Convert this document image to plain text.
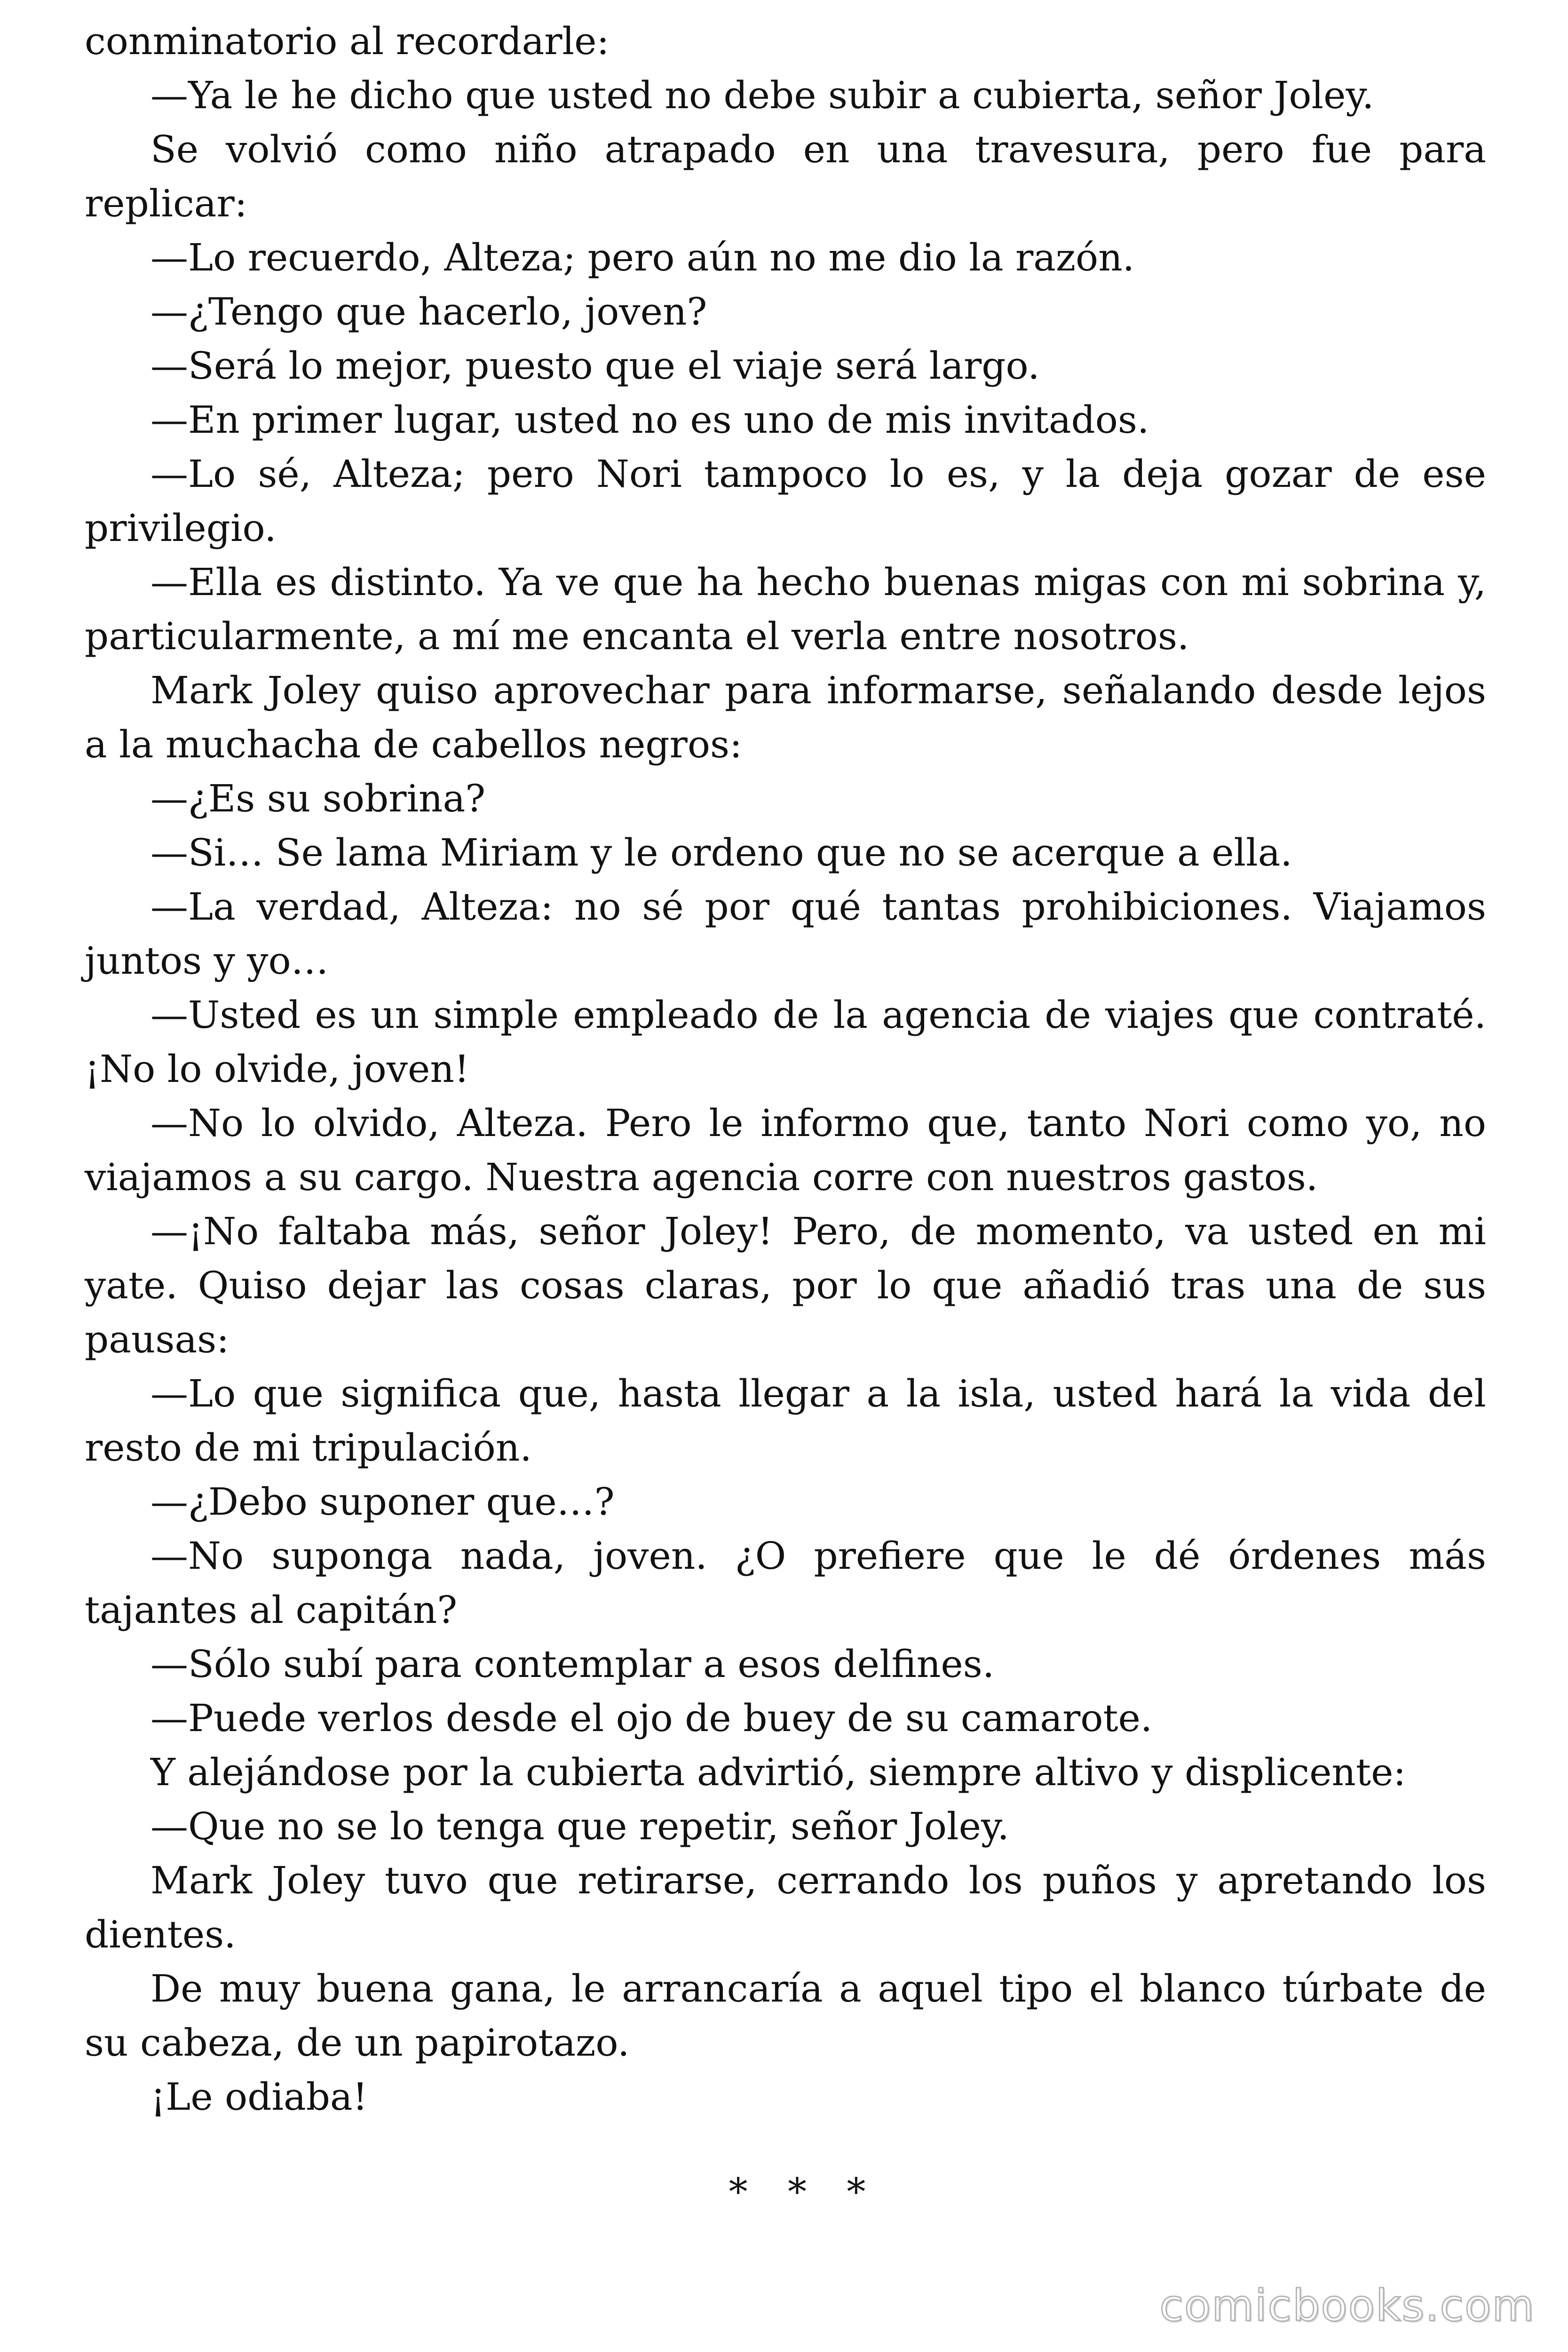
conminatorio al recordarle:

—Ya le he dicho que usted no debe subir a cubierta, señor Joley.

Se volvió como niño atrapado en una travesura, pero fue para replicar:

—Lo recuerdo, Alteza; pero aún no me dio la razón.

—¿Tengo que hacerlo, joven?

—Será lo mejor, puesto que el viaje será largo.

—En primer lugar, usted no es uno de mis invitados.

—Lo sé, Alteza; pero Nori tampoco lo es, y la deja gozar de ese privilegio.

—Ella es distinto. Ya ve que ha hecho buenas migas con mi sobrina y, particularmente, a mí me encanta el verla entre nosotros.

Mark Joley quiso aprovechar para informarse, señalando desde lejos a la muchacha de cabellos negros:

—¿Es su sobrina?

—Si… Se lama Miriam y le ordeno que no se acerque a ella.

—La verdad, Alteza: no sé por qué tantas prohibiciones. Viajamos juntos y yo…

—Usted es un simple empleado de la agencia de viajes que contraté. ¡No lo olvide, joven!

—No lo olvido, Alteza. Pero le informo que, tanto Nori como yo, no viajamos a su cargo. Nuestra agencia corre con nuestros gastos.

—¡No faltaba más, señor Joley! Pero, de momento, va usted en mi yate. Quiso dejar las cosas claras, por lo que añadió tras una de sus pausas:

—Lo que significa que, hasta llegar a la isla, usted hará la vida del resto de mi tripulación.

—¿Debo suponer que…?

—No suponga nada, joven. ¿O prefiere que le dé órdenes más tajantes al capitán?

—Sólo subí para contemplar a esos delfines.

—Puede verlos desde el ojo de buey de su camarote.

Y alejándose por la cubierta advirtió, siempre altivo y displicente:

—Que no se lo tenga que repetir, señor Joley.

Mark Joley tuvo que retirarse, cerrando los puños y apretando los dientes.

De muy buena gana, le arrancaría a aquel tipo el blanco túrbate de su cabeza, de un papirotazo.

¡Le odiaba!

* * *
comicbooks.com
